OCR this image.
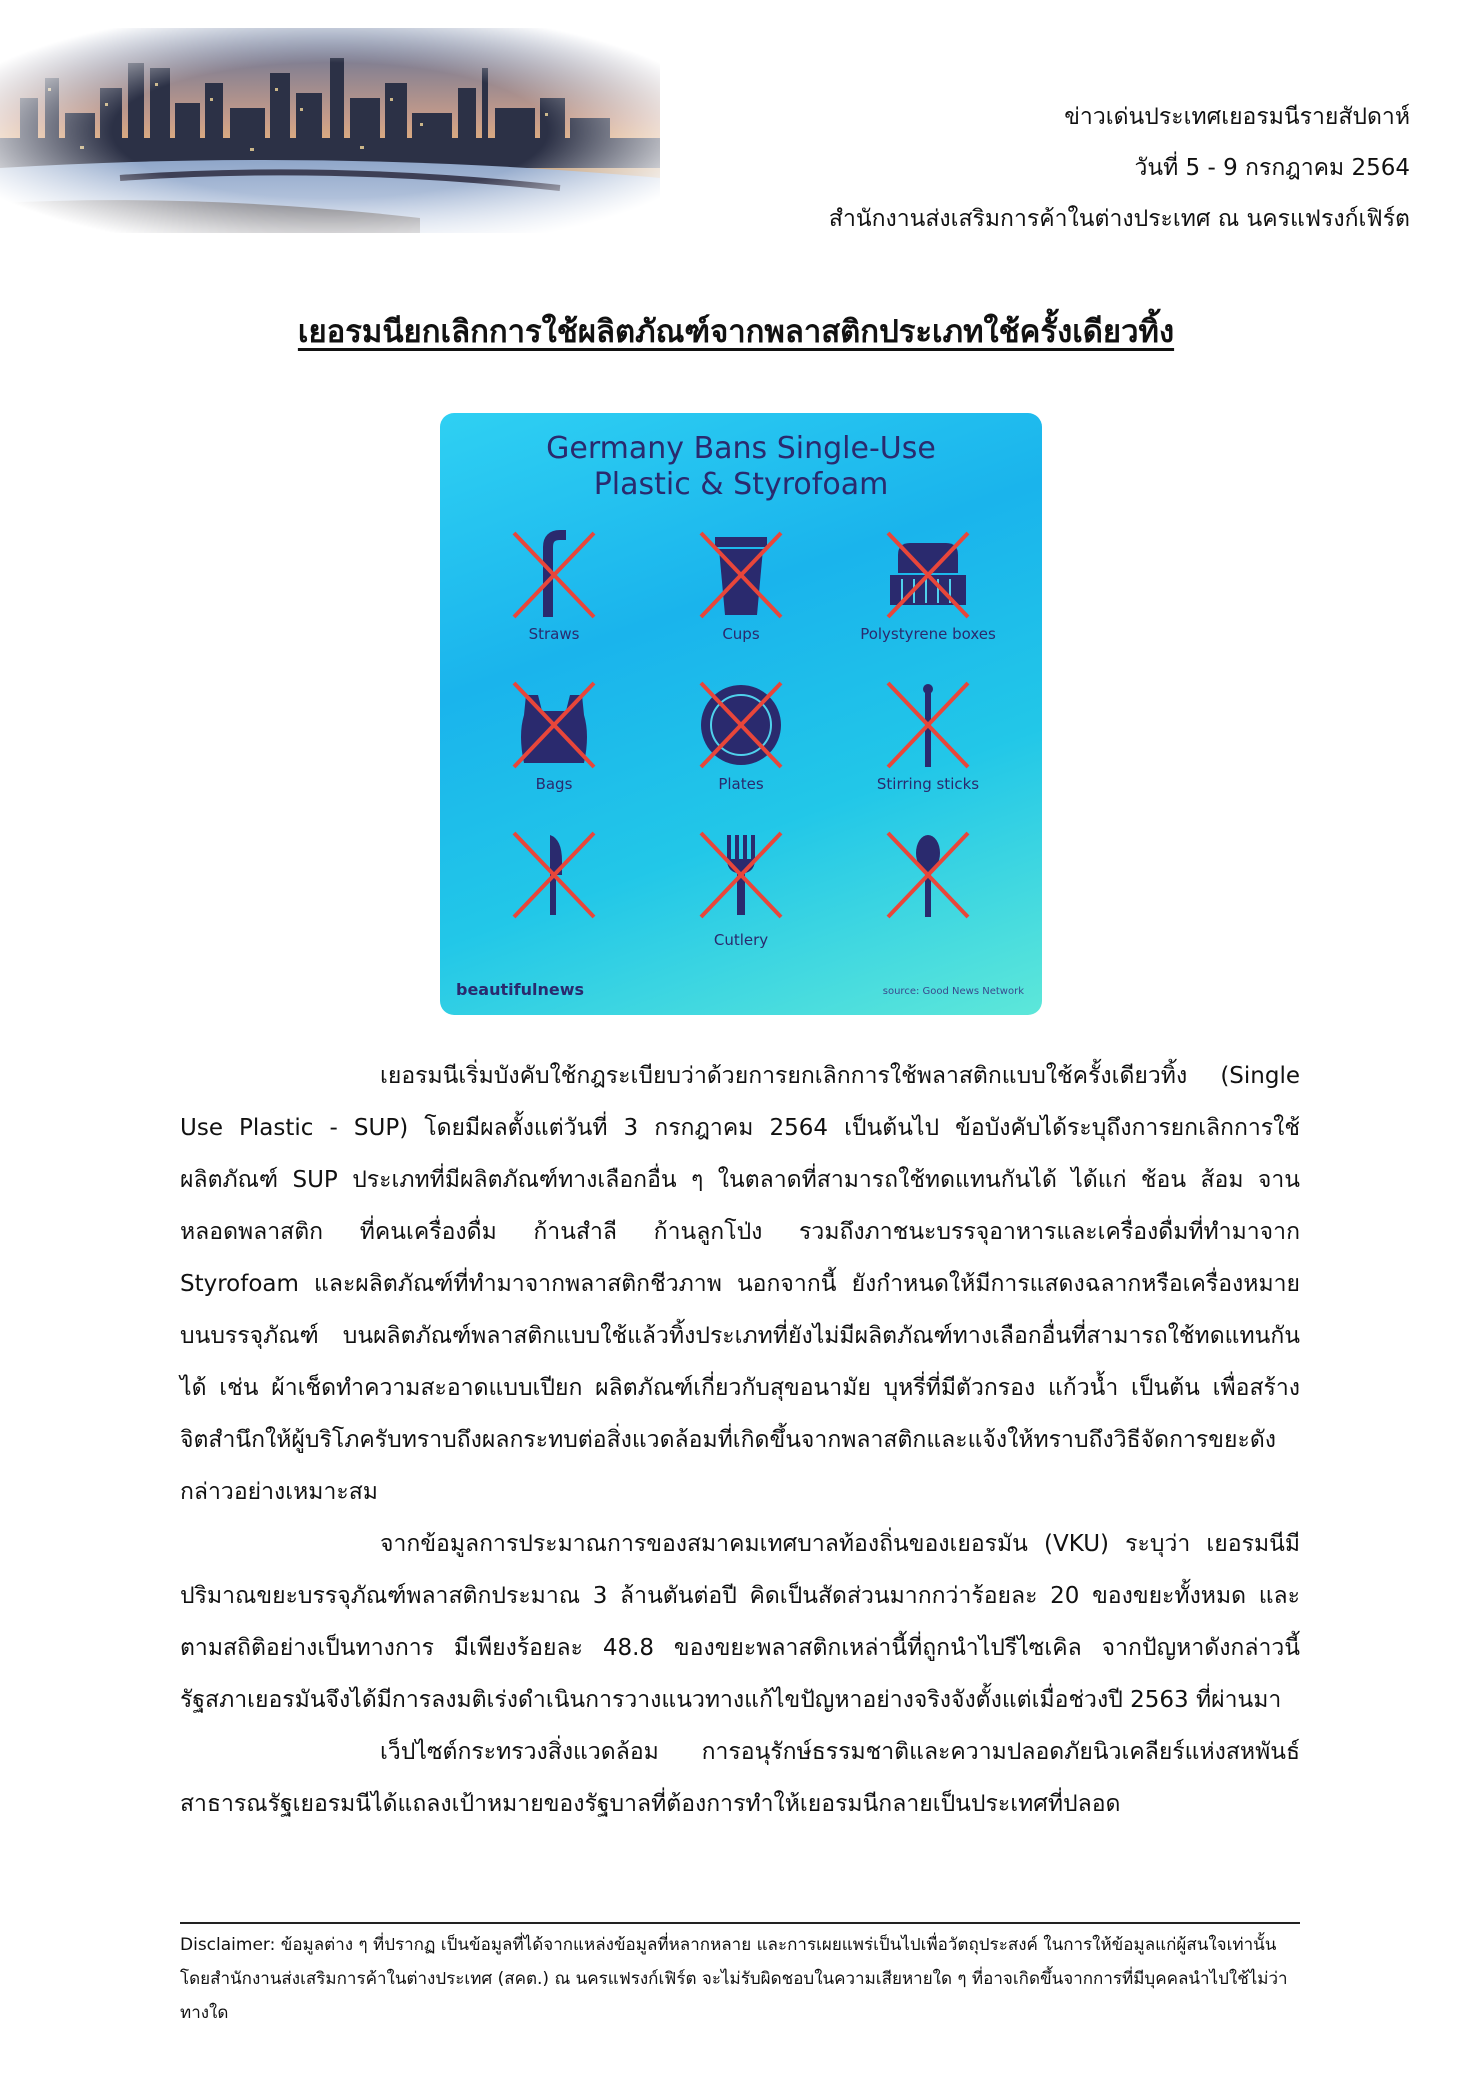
ข่าวเด่นประเทศเยอรมนีรายสัปดาห์
วันที่ 5 - 9 กรกฎาคม 2564
สำนักงานส่งเสริมการค้าในต่างประเทศ ณ นครแฟรงก์เฟิร์ต
เยอรมนียกเลิกการใช้ผลิตภัณฑ์จากพลาสติกประเภทใช้ครั้งเดียวทิ้ง
Germany Bans Single-Use
Plastic & Styrofoam
Straws	Cups	Polystyrene boxes
Bags	Plates	Stirring sticks
Cutlery
beautifulnews	source: Good News Network

เยอรมนีเริ่มบังคับใช้กฎระเบียบว่าด้วยการยกเลิกการใช้พลาสติกแบบใช้ครั้งเดียวทิ้ง (Single Use Plastic - SUP) โดยมีผลตั้งแต่วันที่ 3 กรกฎาคม 2564 เป็นต้นไป ข้อบังคับได้ระบุถึงการยกเลิกการใช้ผลิตภัณฑ์ SUP ประเภทที่มีผลิตภัณฑ์ทางเลือกอื่น ๆ ในตลาดที่สามารถใช้ทดแทนกันได้ ได้แก่ ช้อน ส้อม จาน หลอดพลาสติก ที่คนเครื่องดื่ม ก้านสำลี ก้านลูกโป่ง รวมถึงภาชนะบรรจุอาหารและเครื่องดื่มที่ทำมาจาก Styrofoam และผลิตภัณฑ์ที่ทำมาจากพลาสติกชีวภาพ นอกจากนี้ ยังกำหนดให้มีการแสดงฉลากหรือเครื่องหมายบนบรรจุภัณฑ์ บนผลิตภัณฑ์พลาสติกแบบใช้แล้วทิ้งประเภทที่ยังไม่มีผลิตภัณฑ์ทางเลือกอื่นที่สามารถใช้ทดแทนกันได้ เช่น ผ้าเช็ดทำความสะอาดแบบเปียก ผลิตภัณฑ์เกี่ยวกับสุขอนามัย บุหรี่ที่มีตัวกรอง แก้วน้ำ เป็นต้น เพื่อสร้างจิตสำนึกให้ผู้บริโภครับทราบถึงผลกระทบต่อสิ่งแวดล้อมที่เกิดขึ้นจากพลาสติกและแจ้งให้ทราบถึงวิธีจัดการขยะดังกล่าวอย่างเหมาะสม

จากข้อมูลการประมาณการของสมาคมเทศบาลท้องถิ่นของเยอรมัน (VKU) ระบุว่า เยอรมนีมีปริมาณขยะบรรจุภัณฑ์พลาสติกประมาณ 3 ล้านตันต่อปี คิดเป็นสัดส่วนมากกว่าร้อยละ 20 ของขยะทั้งหมด และตามสถิติอย่างเป็นทางการ มีเพียงร้อยละ 48.8 ของขยะพลาสติกเหล่านี้ที่ถูกนำไปรีไซเคิล จากปัญหาดังกล่าวนี้ รัฐสภาเยอรมันจึงได้มีการลงมติเร่งดำเนินการวางแนวทางแก้ไขปัญหาอย่างจริงจังตั้งแต่เมื่อช่วงปี 2563 ที่ผ่านมา

เว็ปไซต์กระทรวงสิ่งแวดล้อม การอนุรักษ์ธรรมชาติและความปลอดภัยนิวเคลียร์แห่งสหพันธ์สาธารณรัฐเยอรมนีได้แถลงเป้าหมายของรัฐบาลที่ต้องการทำให้เยอรมนีกลายเป็นประเทศที่ปลอด

Disclaimer: ข้อมูลต่าง ๆ ที่ปรากฏ เป็นข้อมูลที่ได้จากแหล่งข้อมูลที่หลากหลาย และการเผยแพร่เป็นไปเพื่อวัตถุประสงค์ ในการให้ข้อมูลแก่ผู้สนใจเท่านั้น โดยสำนักงานส่งเสริมการค้าในต่างประเทศ (สคต.) ณ นครแฟรงก์เฟิร์ต จะไม่รับผิดชอบในความเสียหายใด ๆ ที่อาจเกิดขึ้นจากการที่มีบุคคลนำไปใช้ไม่ว่าทางใด
